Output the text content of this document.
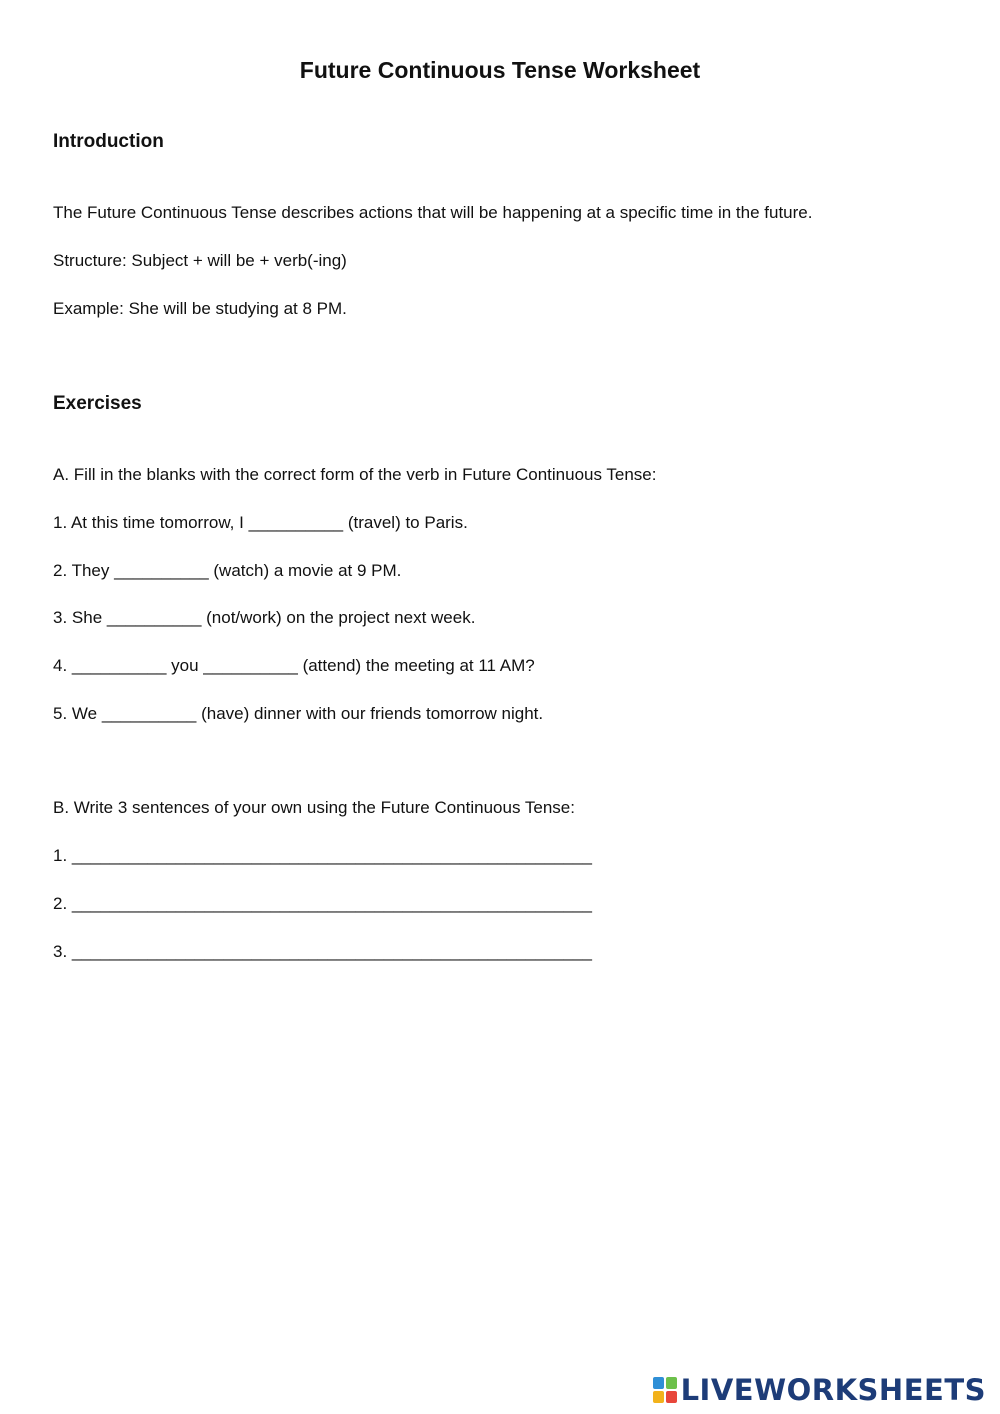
Future Continuous Tense Worksheet
Introduction
The Future Continuous Tense describes actions that will be happening at a specific time in the future.
Structure: Subject + will be + verb(-ing)
Example: She will be studying at 8 PM.
Exercises
A. Fill in the blanks with the correct form of the verb in Future Continuous Tense:
1. At this time tomorrow, I __________ (travel) to Paris.
2. They __________ (watch) a movie at 9 PM.
3. She __________ (not/work) on the project next week.
4. __________ you __________ (attend) the meeting at 11 AM?
5. We __________ (have) dinner with our friends tomorrow night.
B. Write 3 sentences of your own using the Future Continuous Tense:
1. _______________________________________________________
2. _______________________________________________________
3. _______________________________________________________
LIVEWORKSHEETS
